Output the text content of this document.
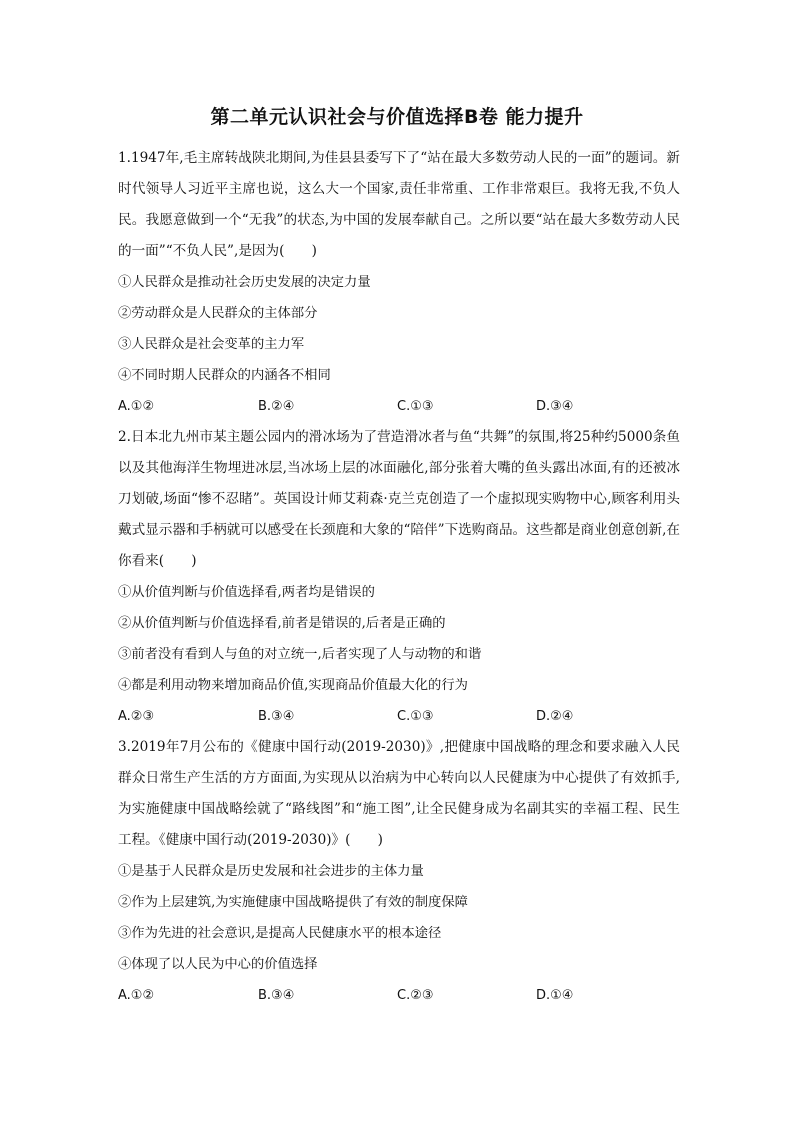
第二单元认识社会与价值选择B卷 能力提升

1.1947年,毛主席转战陕北期间,为佳县县委写下了“站在最大多数劳动人民的一面”的题词。新时代领导人习近平主席也说，这么大一个国家,责任非常重、工作非常艰巨。我将无我,不负人民。我愿意做到一个“无我”的状态,为中国的发展奉献自己。之所以要“站在最大多数劳动人民的一面”“不负人民”,是因为(　　)

①人民群众是推动社会历史发展的决定力量

②劳动群众是人民群众的主体部分

③人民群众是社会变革的主力军

④不同时期人民群众的内涵各不相同

A.①②	B.②④	C.①③	D.③④

2.日本北九州市某主题公园内的滑冰场为了营造滑冰者与鱼“共舞”的氛围,将25种约5000条鱼以及其他海洋生物埋进冰层,当冰场上层的冰面融化,部分张着大嘴的鱼头露出冰面,有的还被冰刀划破,场面“惨不忍睹”。英国设计师艾莉森·克兰克创造了一个虚拟现实购物中心,顾客利用头戴式显示器和手柄就可以感受在长颈鹿和大象的“陪伴”下选购商品。这些都是商业创意创新,在你看来(　　)

①从价值判断与价值选择看,两者均是错误的

②从价值判断与价值选择看,前者是错误的,后者是正确的

③前者没有看到人与鱼的对立统一,后者实现了人与动物的和谐

④都是利用动物来增加商品价值,实现商品价值最大化的行为

A.②③	B.③④	C.①③	D.②④

3.2019年7月公布的《健康中国行动(2019-2030)》,把健康中国战略的理念和要求融入人民群众日常生产生活的方方面面,为实现从以治病为中心转向以人民健康为中心提供了有效抓手,为实施健康中国战略绘就了“路线图”和“施工图”,让全民健身成为名副其实的幸福工程、民生工程。《健康中国行动(2019-2030)》(　　)

①是基于人民群众是历史发展和社会进步的主体力量

②作为上层建筑,为实施健康中国战略提供了有效的制度保障

③作为先进的社会意识,是提高人民健康水平的根本途径

④体现了以人民为中心的价值选择

A.①②	B.③④	C.②③	D.①④
